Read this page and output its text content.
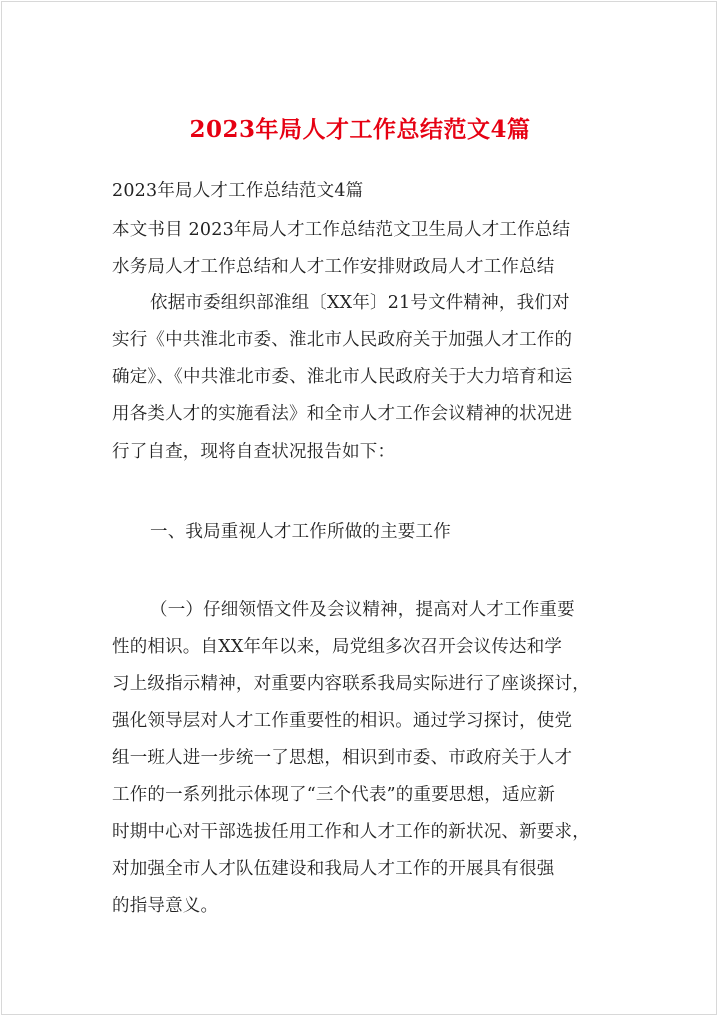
2023年局人才工作总结范文4篇
2023年局人才工作总结范文4篇
本文书目 2023年局人才工作总结范文卫生局人才工作总结
水务局人才工作总结和人才工作安排财政局人才工作总结
依据市委组织部淮组〔XX年〕21号文件精神，我们对
实行《中共淮北市委、淮北市人民政府关于加强人才工作的
确定》、《中共淮北市委、淮北市人民政府关于大力培育和运
用各类人才的实施看法》和全市人才工作会议精神的状况进
行了自查，现将自查状况报告如下：
一、我局重视人才工作所做的主要工作
（一）仔细领悟文件及会议精神，提高对人才工作重要
性的相识。自XX年年以来，局党组多次召开会议传达和学
习上级指示精神，对重要内容联系我局实际进行了座谈探讨，
强化领导层对人才工作重要性的相识。通过学习探讨，使党
组一班人进一步统一了思想，相识到市委、市政府关于人才
工作的一系列批示体现了“三个代表”的重要思想，适应新
时期中心对干部选拔任用工作和人才工作的新状况、新要求，
对加强全市人才队伍建设和我局人才工作的开展具有很强
的指导意义。
